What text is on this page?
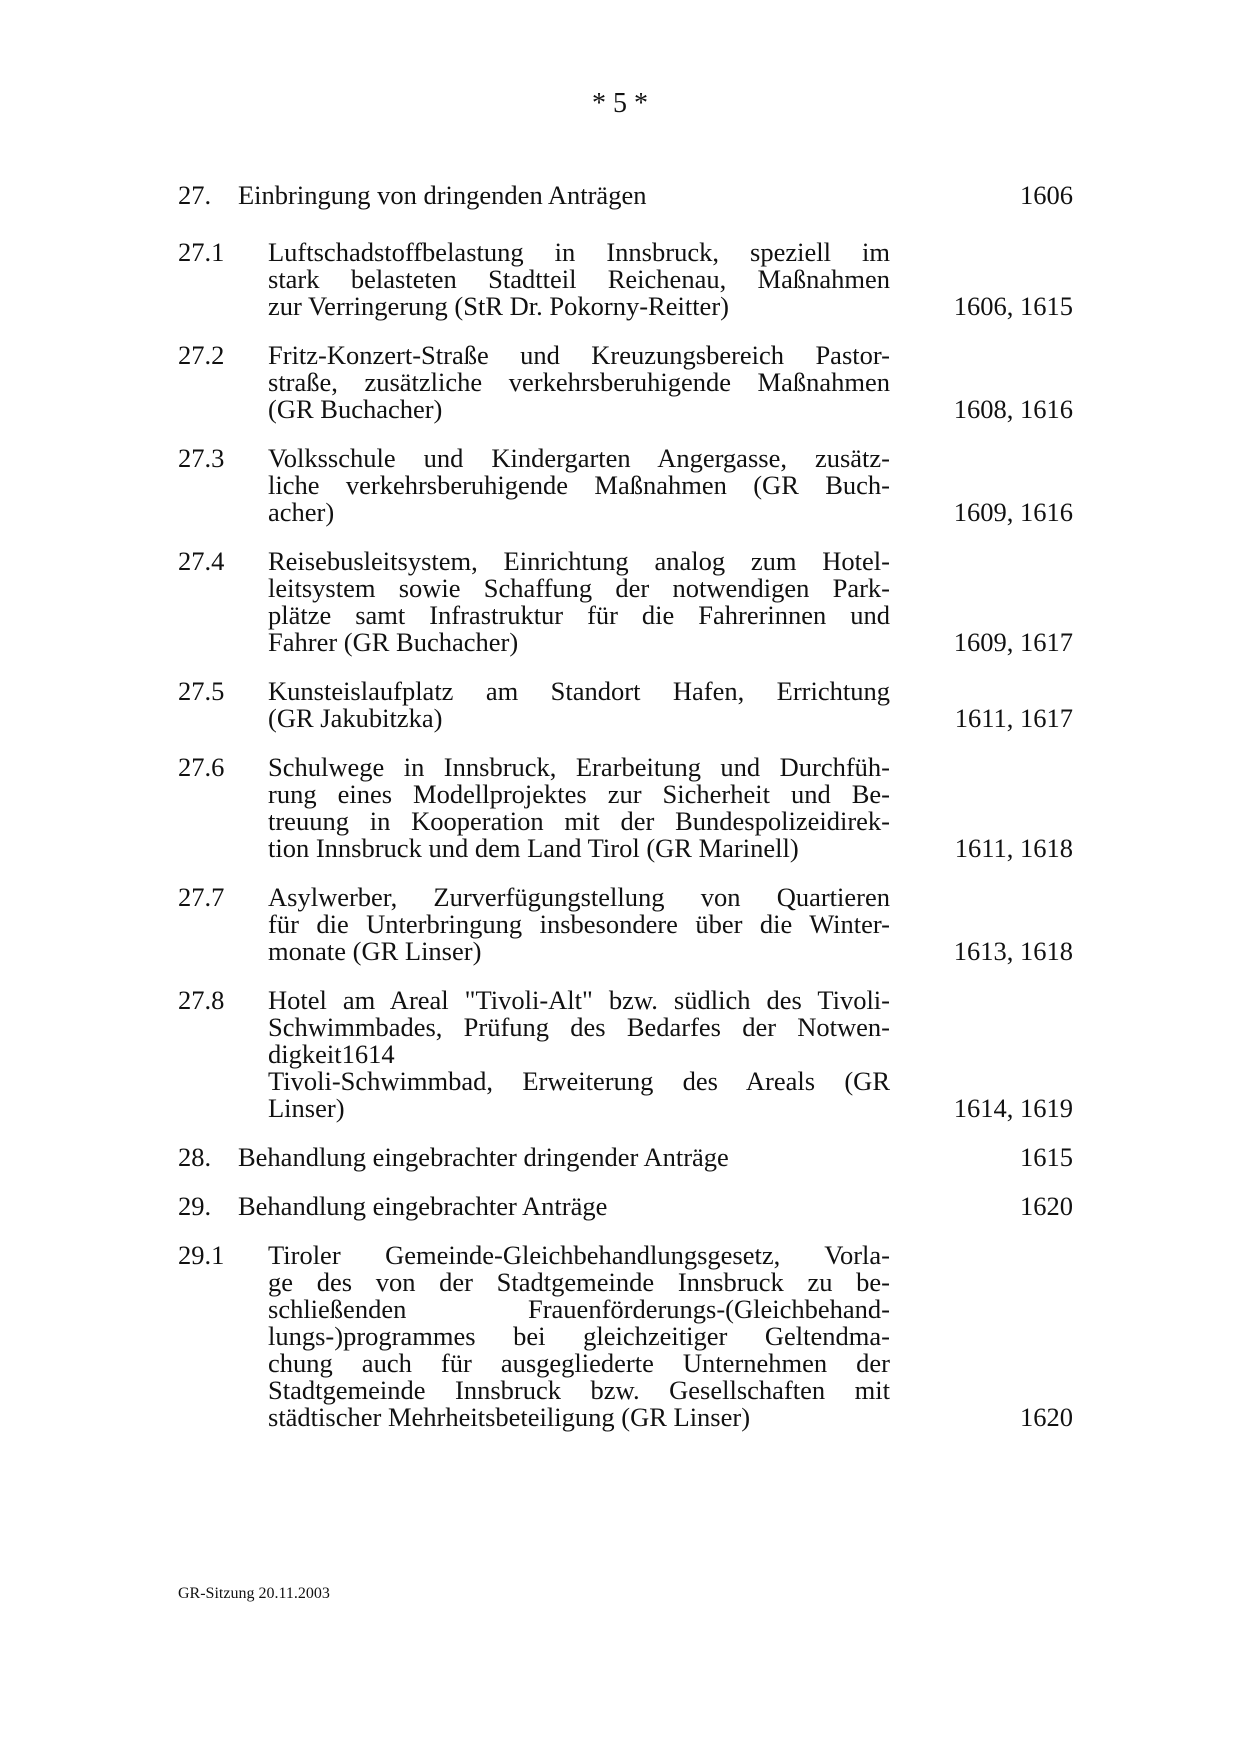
* 5 *
27.	Einbringung von dringenden Anträgen	1606
27.1	Luftschadstoffbelastung in Innsbruck, speziell im
stark belasteten Stadtteil Reichenau, Maßnahmen
zur Verringerung (StR Dr. Pokorny-Reitter)	1606, 1615
27.2	Fritz-Konzert-Straße und Kreuzungsbereich Pastor-
straße, zusätzliche verkehrsberuhigende Maßnahmen
(GR Buchacher)	1608, 1616
27.3	Volksschule und Kindergarten Angergasse, zusätz-
liche verkehrsberuhigende Maßnahmen (GR Buch-
acher)	1609, 1616
27.4	Reisebusleitsystem, Einrichtung analog zum Hotel-
leitsystem sowie Schaffung der notwendigen Park-
plätze samt Infrastruktur für die Fahrerinnen und
Fahrer (GR Buchacher)	1609, 1617
27.5	Kunsteislaufplatz am Standort Hafen, Errichtung
(GR Jakubitzka)	1611, 1617
27.6	Schulwege in Innsbruck, Erarbeitung und Durchfüh-
rung eines Modellprojektes zur Sicherheit und Be-
treuung in Kooperation mit der Bundespolizeidirek-
tion Innsbruck und dem Land Tirol (GR Marinell)	1611, 1618
27.7	Asylwerber, Zurverfügungstellung von Quartieren
für die Unterbringung insbesondere über die Winter-
monate (GR Linser)	1613, 1618
27.8	Hotel am Areal "Tivoli-Alt" bzw. südlich des Tivoli-
Schwimmbades, Prüfung des Bedarfes der Notwen-
digkeit1614
Tivoli-Schwimmbad, Erweiterung des Areals (GR
Linser)	1614, 1619
28.	Behandlung eingebrachter dringender Anträge	1615
29.	Behandlung eingebrachter Anträge	1620
29.1	Tiroler Gemeinde-Gleichbehandlungsgesetz, Vorla-
ge des von der Stadtgemeinde Innsbruck zu be-
schließenden Frauenförderungs-(Gleichbehand-
lungs-)programmes bei gleichzeitiger Geltendma-
chung auch für ausgegliederte Unternehmen der
Stadtgemeinde Innsbruck bzw. Gesellschaften mit
städtischer Mehrheitsbeteiligung (GR Linser)	1620
GR-Sitzung 20.11.2003
